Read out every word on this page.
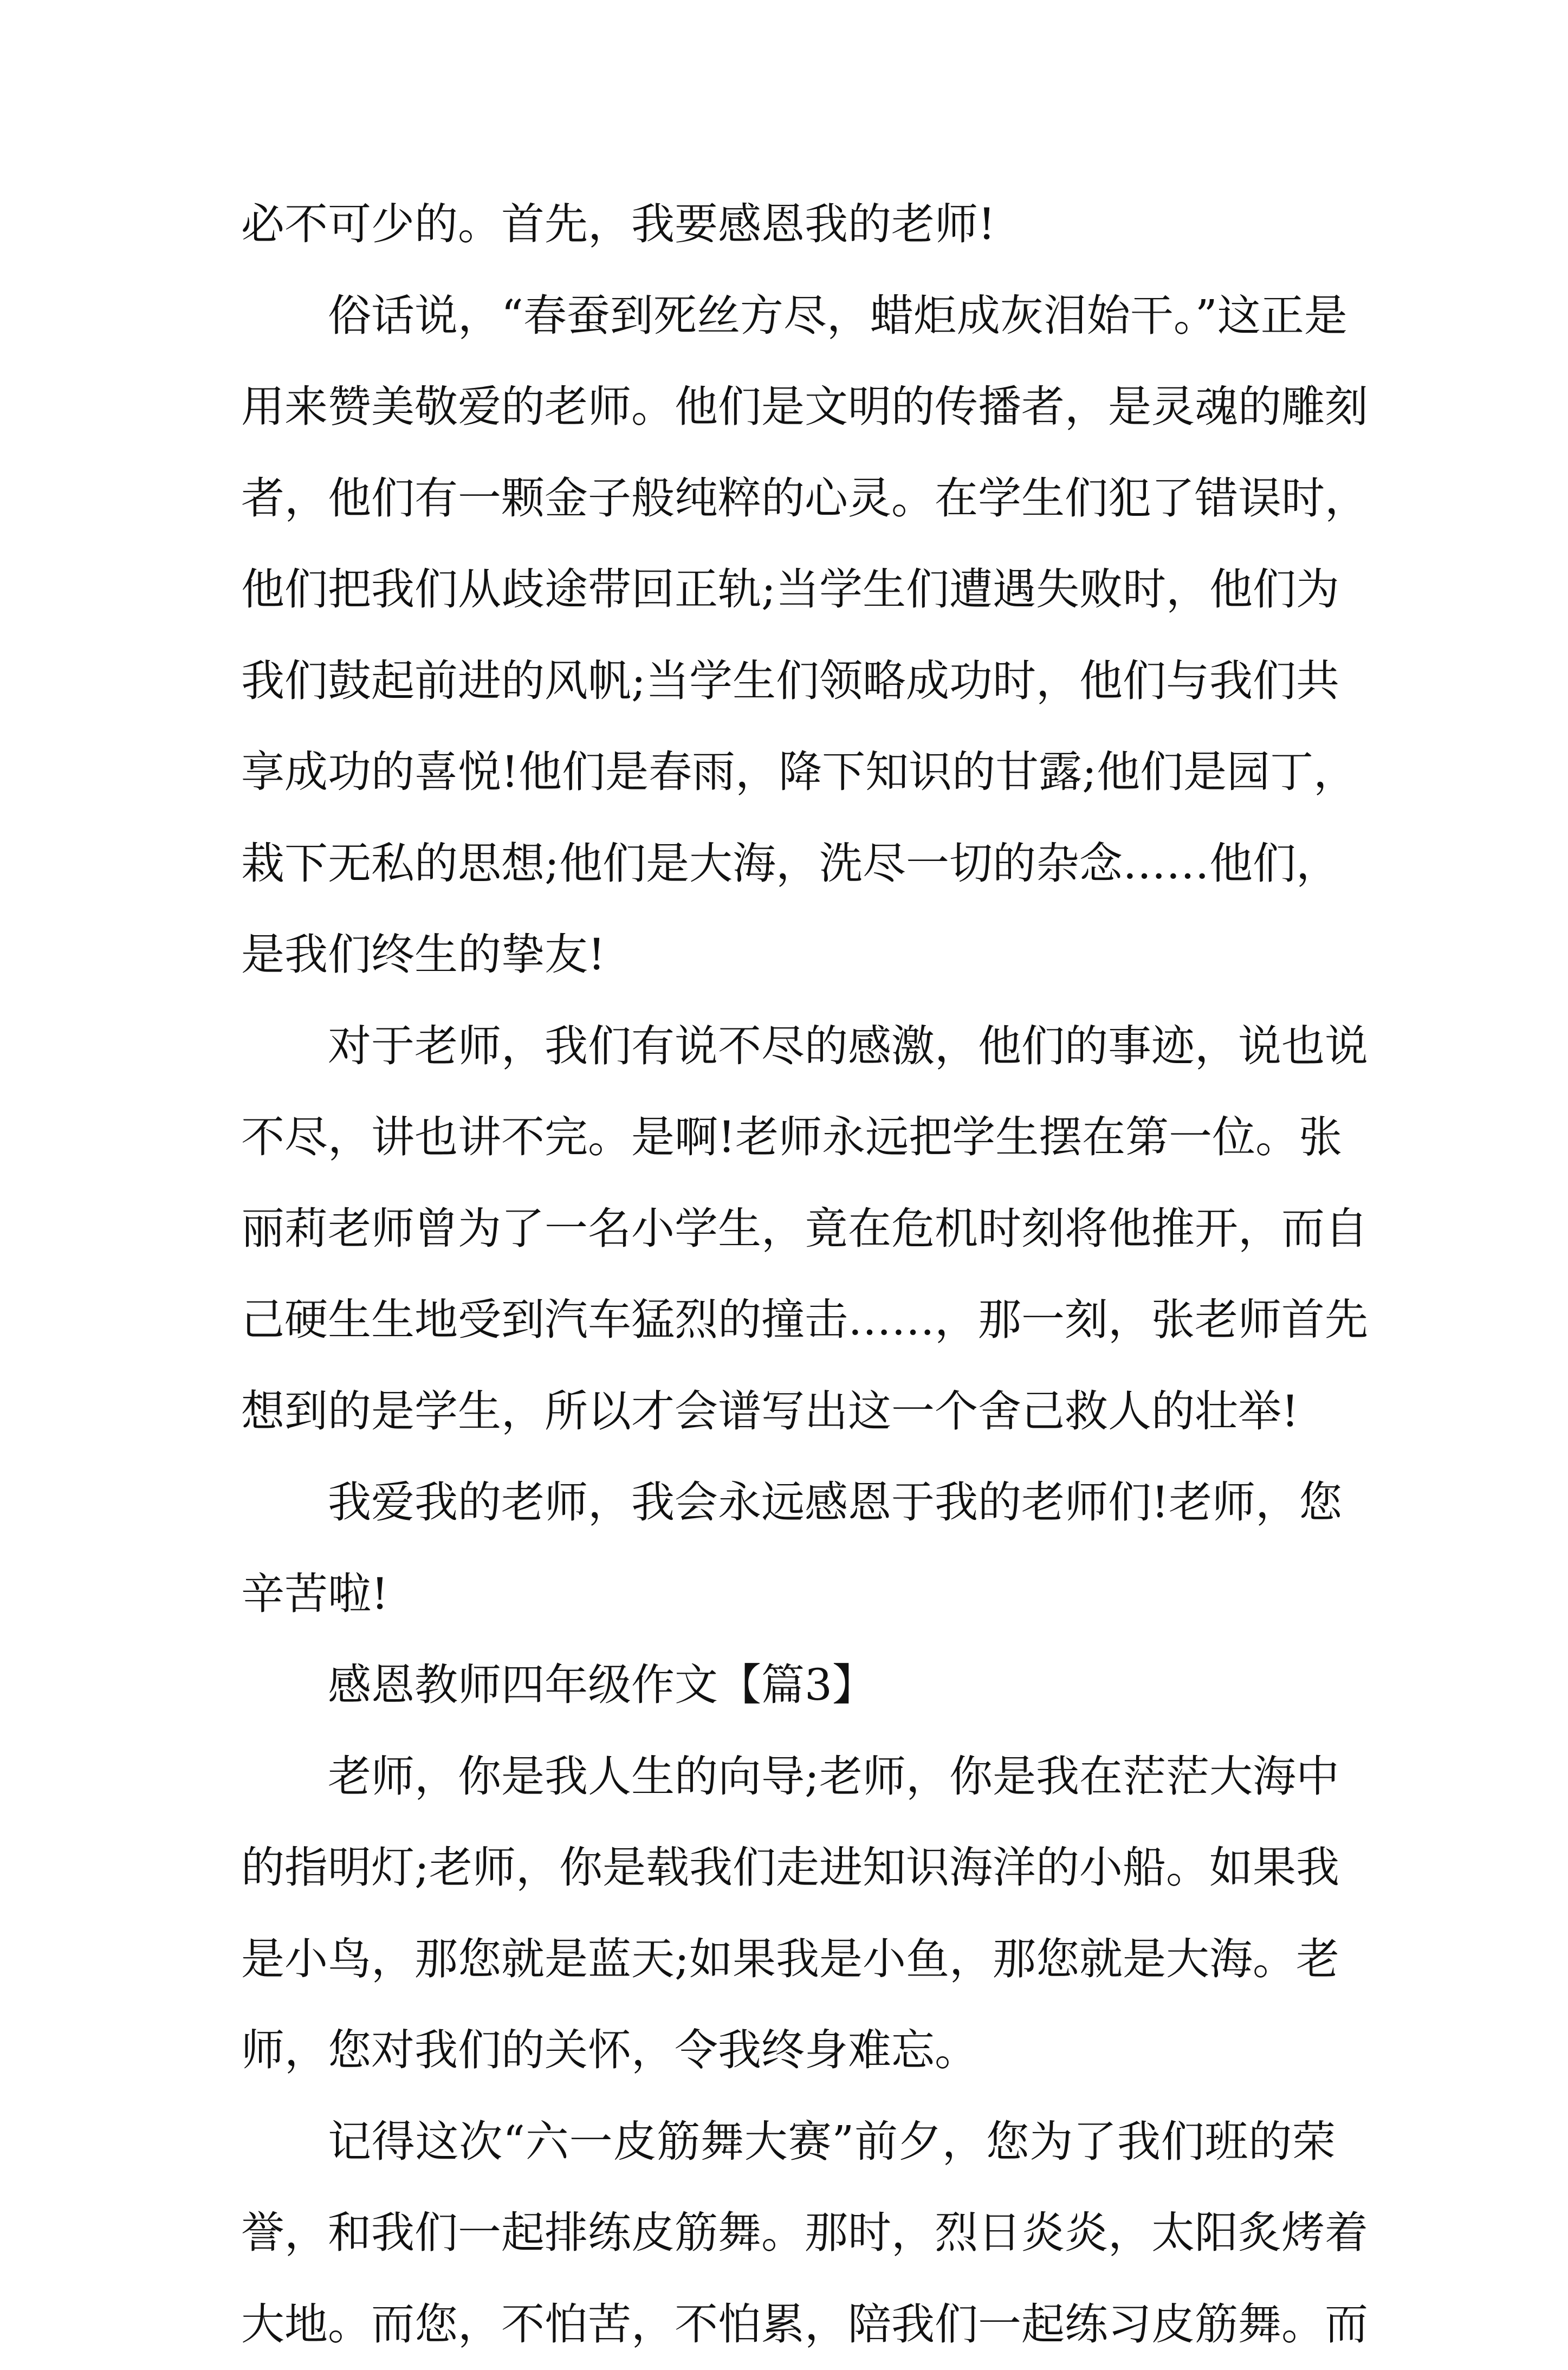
必不可少的。首先，我要感恩我的老师!

俗话说，“春蚕到死丝方尽，蜡炬成灰泪始干。”这正是

用来赞美敬爱的老师。他们是文明的传播者，是灵魂的雕刻

者，他们有一颗金子般纯粹的心灵。在学生们犯了错误时，

他们把我们从歧途带回正轨;当学生们遭遇失败时，他们为

我们鼓起前进的风帆;当学生们领略成功时，他们与我们共

享成功的喜悦!他们是春雨，降下知识的甘露;他们是园丁，

栽下无私的思想;他们是大海，洗尽一切的杂念……他们，

是我们终生的挚友!

对于老师，我们有说不尽的感激，他们的事迹，说也说

不尽，讲也讲不完。是啊!老师永远把学生摆在第一位。张

丽莉老师曾为了一名小学生，竟在危机时刻将他推开，而自

己硬生生地受到汽车猛烈的撞击……，那一刻，张老师首先

想到的是学生，所以才会谱写出这一个舍己救人的壮举!

我爱我的老师，我会永远感恩于我的老师们!老师，您

辛苦啦!

感恩教师四年级作文【篇3】

老师，你是我人生的向导;老师，你是我在茫茫大海中

的指明灯;老师，你是载我们走进知识海洋的小船。如果我

是小鸟，那您就是蓝天;如果我是小鱼，那您就是大海。老

师，您对我们的关怀，令我终身难忘。

记得这次“六一皮筋舞大赛”前夕，您为了我们班的荣

誉，和我们一起排练皮筋舞。那时，烈日炎炎，太阳炙烤着

大地。而您，不怕苦，不怕累，陪我们一起练习皮筋舞。而
